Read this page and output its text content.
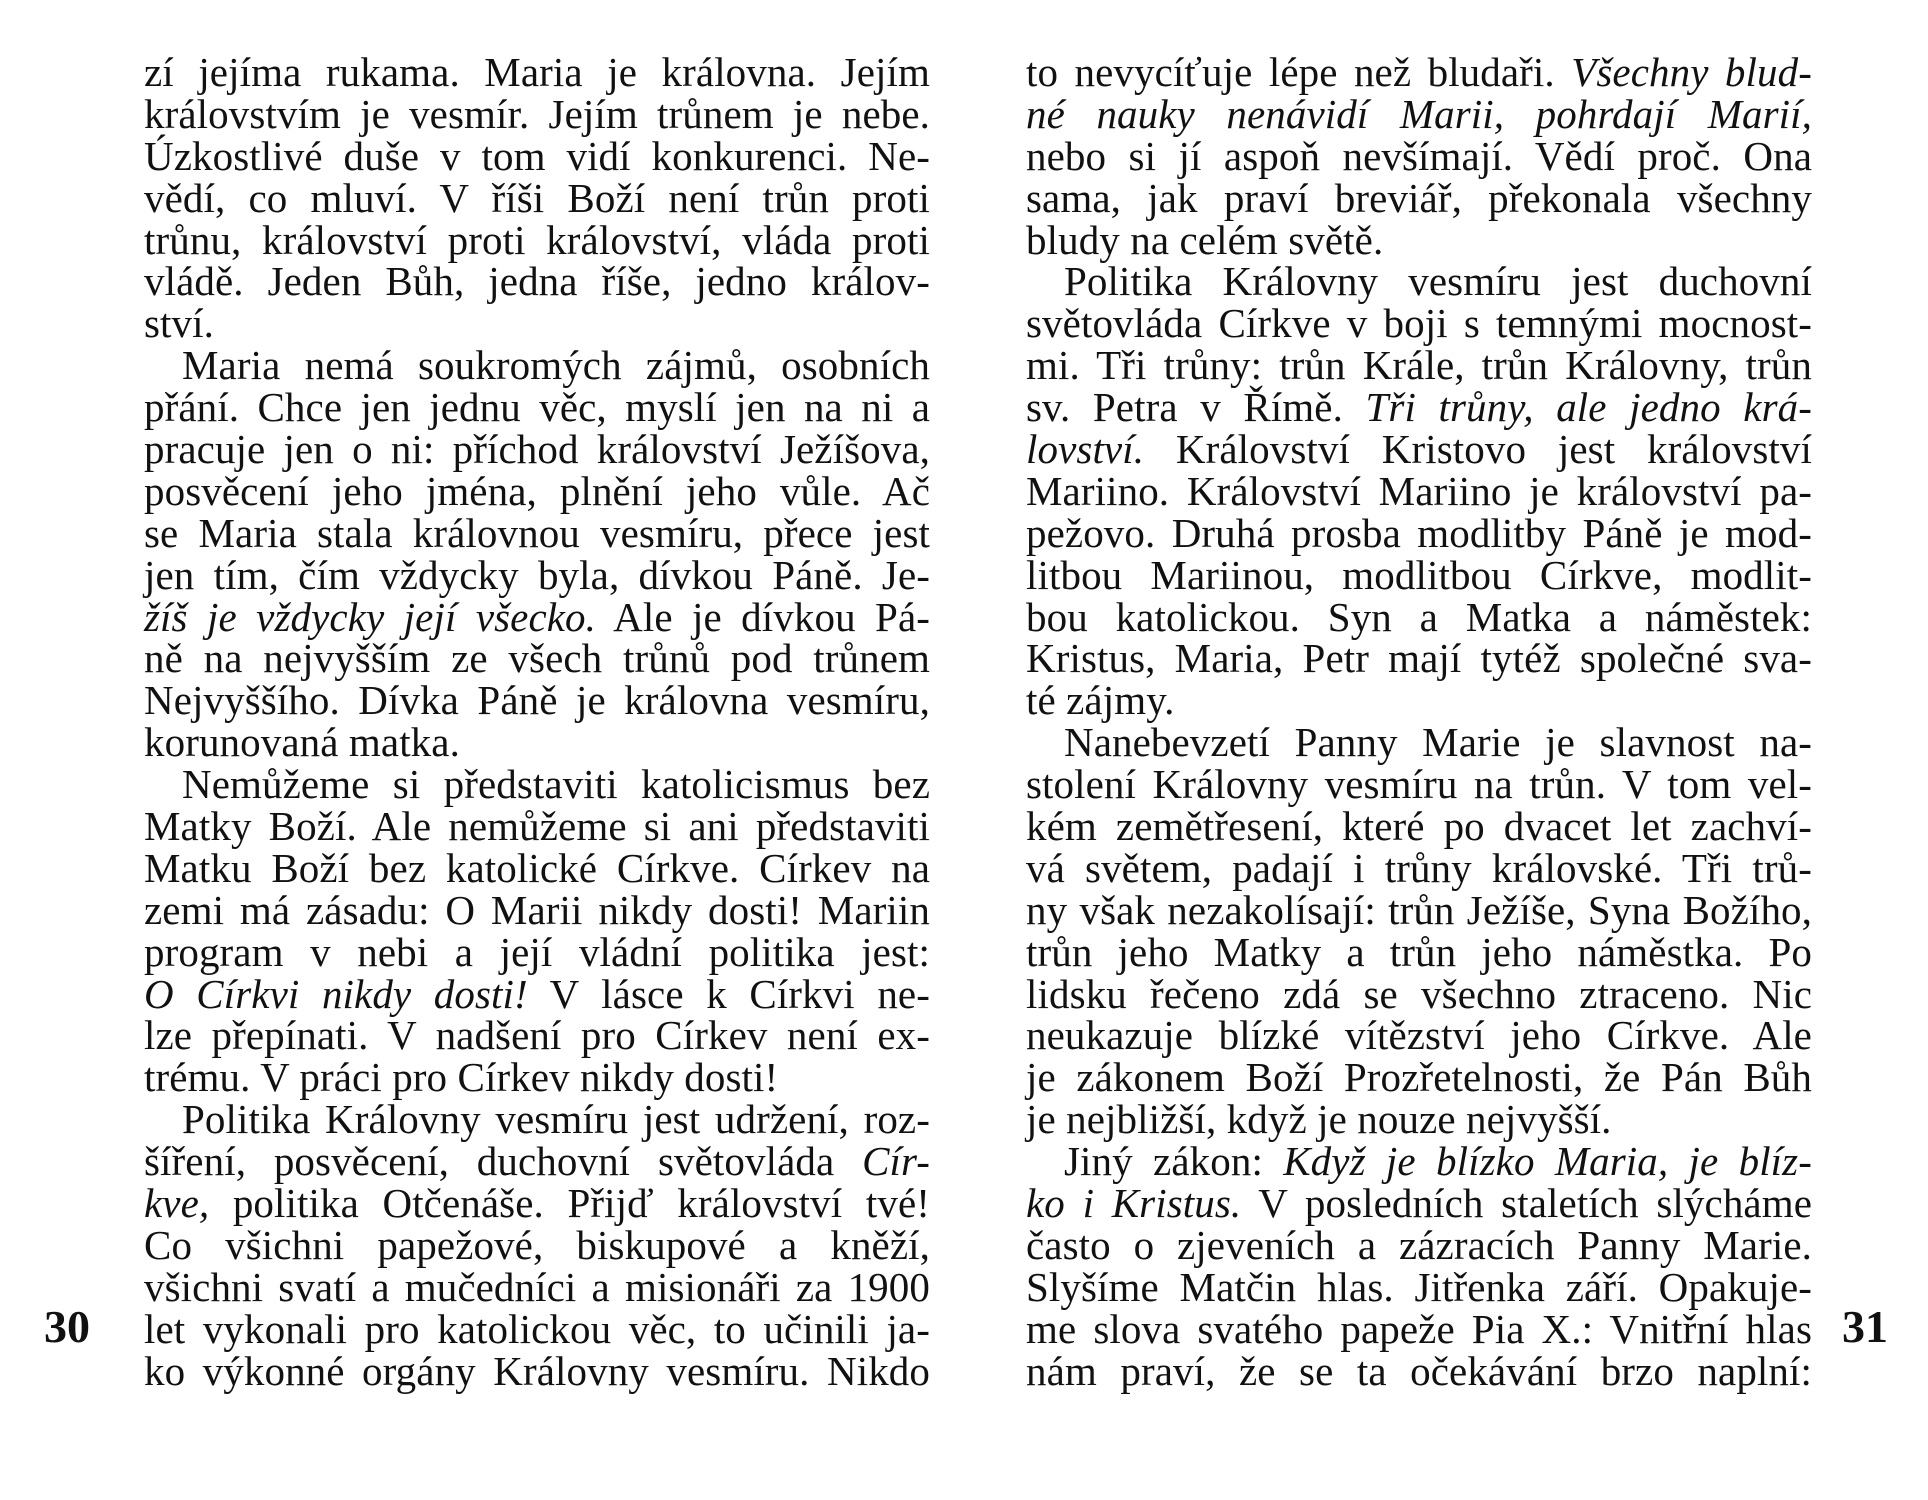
zí jejíma rukama. Maria je královna. Jejím
královstvím je vesmír. Jejím trůnem je nebe.
Úzkostlivé duše v tom vidí konkurenci. Ne-
vědí, co mluví. V říši Boží není trůn proti
trůnu, království proti království, vláda proti
vládě. Jeden Bůh, jedna říše, jedno králov-
ství.
Maria nemá soukromých zájmů, osobních
přání. Chce jen jednu věc, myslí jen na ni a
pracuje jen o ni: příchod království Ježíšova,
posvěcení jeho jména, plnění jeho vůle. Ač
se Maria stala královnou vesmíru, přece jest
jen tím, čím vždycky byla, dívkou Páně. Je-
žíš je vždycky její všecko. Ale je dívkou Pá-
ně na nejvyšším ze všech trůnů pod trůnem
Nejvyššího. Dívka Páně je královna vesmíru,
korunovaná matka.
Nemůžeme si představiti katolicismus bez
Matky Boží. Ale nemůžeme si ani představiti
Matku Boží bez katolické Církve. Církev na
zemi má zásadu: O Marii nikdy dosti! Mariin
program v nebi a její vládní politika jest:
O Církvi nikdy dosti! V lásce k Církvi ne-
lze přepínati. V nadšení pro Církev není ex-
trému. V práci pro Církev nikdy dosti!
Politika Královny vesmíru jest udržení, roz-
šíření, posvěcení, duchovní světovláda Cír-
kve, politika Otčenáše. Přijď království tvé!
Co všichni papežové, biskupové a kněží,
všichni svatí a mučedníci a misionáři za 1900
let vykonali pro katolickou věc, to učinili ja-
ko výkonné orgány Královny vesmíru. Nikdo
to nevycíťuje lépe než bludaři. Všechny blud-
né nauky nenávidí Marii, pohrdají Marií,
nebo si jí aspoň nevšímají. Vědí proč. Ona
sama, jak praví breviář, překonala všechny
bludy na celém světě.
Politika Královny vesmíru jest duchovní
světovláda Církve v boji s temnými mocnost-
mi. Tři trůny: trůn Krále, trůn Královny, trůn
sv. Petra v Římě. Tři trůny, ale jedno krá-
lovství. Království Kristovo jest království
Mariino. Království Mariino je království pa-
pežovo. Druhá prosba modlitby Páně je mod-
litbou Mariinou, modlitbou Církve, modlit-
bou katolickou. Syn a Matka a náměstek:
Kristus, Maria, Petr mají tytéž společné sva-
té zájmy.
Nanebevzetí Panny Marie je slavnost na-
stolení Královny vesmíru na trůn. V tom vel-
kém zemětřesení, které po dvacet let zachví-
vá světem, padají i trůny královské. Tři trů-
ny však nezakolísají: trůn Ježíše, Syna Božího,
trůn jeho Matky a trůn jeho náměstka. Po
lidsku řečeno zdá se všechno ztraceno. Nic
neukazuje blízké vítězství jeho Církve. Ale
je zákonem Boží Prozřetelnosti, že Pán Bůh
je nejbližší, když je nouze nejvyšší.
Jiný zákon: Když je blízko Maria, je blíz-
ko i Kristus. V posledních staletích slýcháme
často o zjeveních a zázracích Panny Marie.
Slyšíme Matčin hlas. Jitřenka září. Opakuje-
me slova svatého papeže Pia X.: Vnitřní hlas
nám praví, že se ta očekávání brzo naplní:
30	31
